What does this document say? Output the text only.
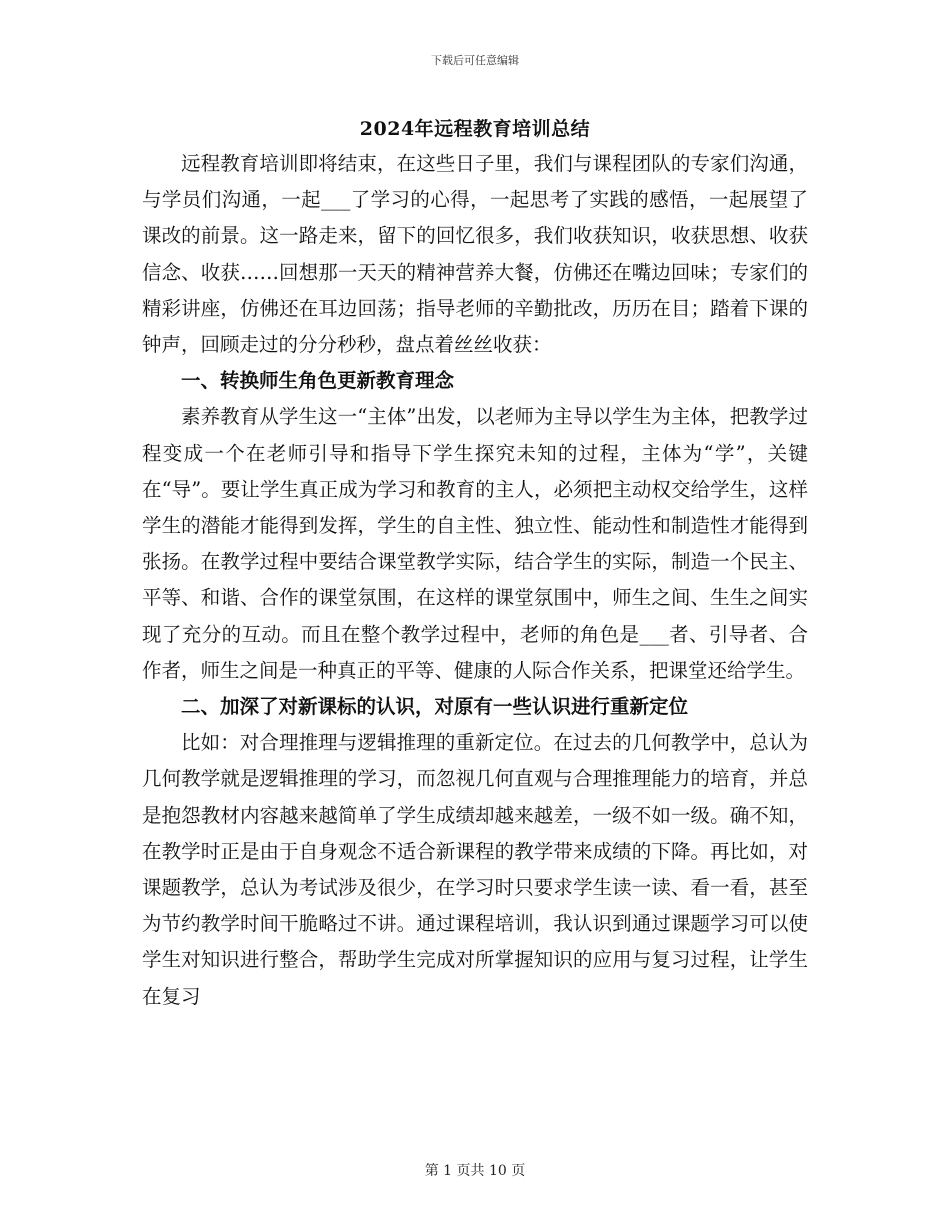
下载后可任意编辑
2024年远程教育培训总结

远程教育培训即将结束，在这些日子里，我们与课程团队的专家们沟通，与学员们沟通，一起___了学习的心得，一起思考了实践的感悟，一起展望了课改的前景。这一路走来，留下的回忆很多，我们收获知识，收获思想、收获信念、收获……回想那一天天的精神营养大餐，仿佛还在嘴边回味；专家们的精彩讲座，仿佛还在耳边回荡；指导老师的辛勤批改，历历在目；踏着下课的钟声，回顾走过的分分秒秒，盘点着丝丝收获：

一、转换师生角色更新教育理念

素养教育从学生这一“主体”出发，以老师为主导以学生为主体，把教学过程变成一个在老师引导和指导下学生探究未知的过程，主体为“学”，关键在“导”。要让学生真正成为学习和教育的主人，必须把主动权交给学生，这样学生的潜能才能得到发挥，学生的自主性、独立性、能动性和制造性才能得到张扬。在教学过程中要结合课堂教学实际，结合学生的实际，制造一个民主、平等、和谐、合作的课堂氛围，在这样的课堂氛围中，师生之间、生生之间实现了充分的互动。而且在整个教学过程中，老师的角色是___者、引导者、合作者，师生之间是一种真正的平等、健康的人际合作关系，把课堂还给学生。

二、加深了对新课标的认识，对原有一些认识进行重新定位

比如：对合理推理与逻辑推理的重新定位。在过去的几何教学中，总认为几何教学就是逻辑推理的学习，而忽视几何直观与合理推理能力的培育，并总是抱怨教材内容越来越简单了学生成绩却越来越差，一级不如一级。确不知，在教学时正是由于自身观念不适合新课程的教学带来成绩的下降。再比如，对课题教学，总认为考试涉及很少，在学习时只要求学生读一读、看一看，甚至为节约教学时间干脆略过不讲。通过课程培训，我认识到通过课题学习可以使学生对知识进行整合，帮助学生完成对所掌握知识的应用与复习过程，让学生在复习

第 1 页共 10 页
